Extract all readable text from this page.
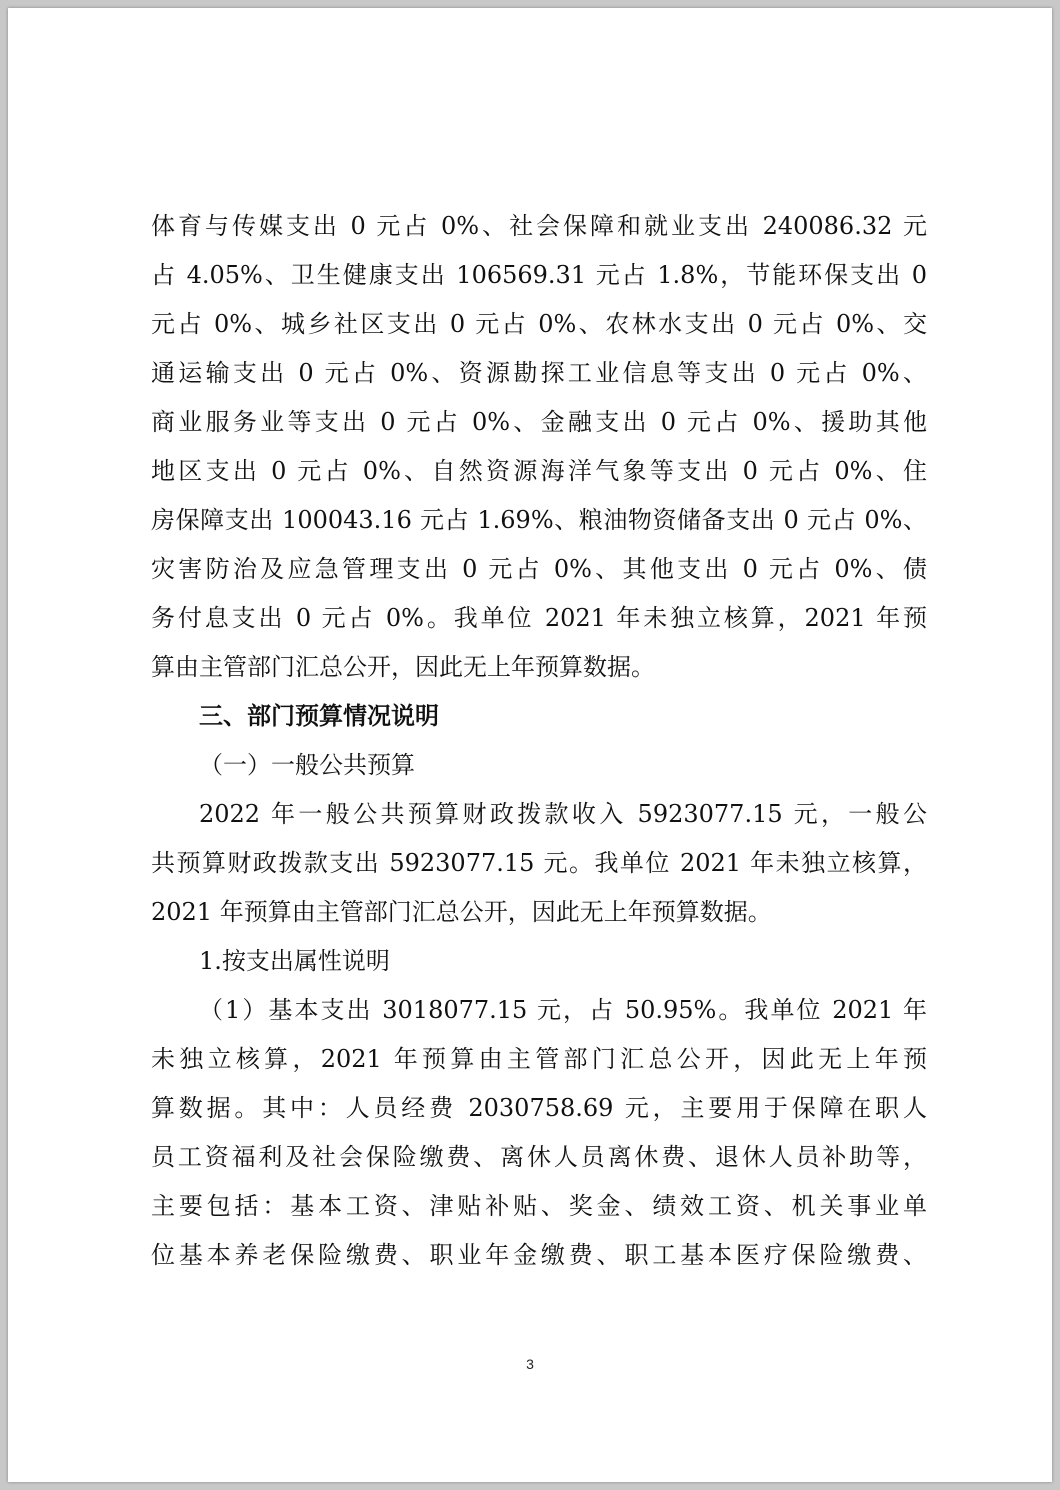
体育与传媒支出 0 元占 0%、社会保障和就业支出 240086.32 元
占 4.05%、卫生健康支出 106569.31 元占 1.8%，节能环保支出 0
元占 0%、城乡社区支出 0 元占 0%、农林水支出 0 元占 0%、交
通运输支出 0 元占 0%、资源勘探工业信息等支出 0 元占 0%、
商业服务业等支出 0 元占 0%、金融支出 0 元占 0%、援助其他
地区支出 0 元占 0%、自然资源海洋气象等支出 0 元占 0%、住
房保障支出 100043.16 元占 1.69%、粮油物资储备支出 0 元占 0%、
灾害防治及应急管理支出 0 元占 0%、其他支出 0 元占 0%、债
务付息支出 0 元占 0%。我单位 2021 年未独立核算，2021 年预
算由主管部门汇总公开，因此无上年预算数据。
三、部门预算情况说明
（一）一般公共预算
2022 年一般公共预算财政拨款收入 5923077.15 元，一般公
共预算财政拨款支出 5923077.15 元。我单位 2021 年未独立核算，
2021 年预算由主管部门汇总公开，因此无上年预算数据。
1.按支出属性说明
（1）基本支出 3018077.15 元，占 50.95%。我单位 2021 年
未独立核算，2021 年预算由主管部门汇总公开，因此无上年预
算数据。其中：人员经费 2030758.69 元，主要用于保障在职人
员工资福利及社会保险缴费、离休人员离休费、退休人员补助等，
主要包括：基本工资、津贴补贴、奖金、绩效工资、机关事业单
位基本养老保险缴费、职业年金缴费、职工基本医疗保险缴费、
3
